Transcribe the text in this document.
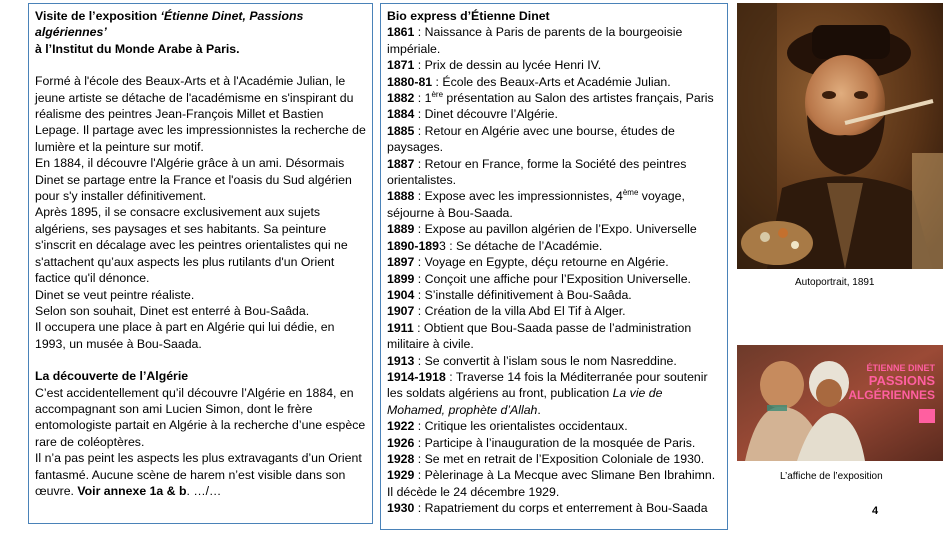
Visite de l’exposition ‘Étienne Dinet, Passions algériennes’

à l’Institut du Monde Arabe à Paris.

Formé à l'école des Beaux-Arts et à l'Académie Julian, le jeune artiste se détache de l'académisme en s'inspirant du réalisme des peintres Jean-François Millet et Bastien Lepage. Il partage avec les impressionnistes la recherche de lumière et la peinture sur motif.

En 1884, il découvre l'Algérie grâce à un ami. Désormais Dinet se partage entre la France et l'oasis du Sud algérien pour s'y installer définitivement.

Après 1895, il se consacre exclusivement aux sujets algériens, ses paysages et ses habitants. Sa peinture s'inscrit en décalage avec les peintres orientalistes qui ne s'attachent qu’aux aspects les plus rutilants d'un Orient factice qu'il dénonce.

Dinet se veut peintre réaliste.

Selon son souhait, Dinet est enterré à Bou-Saâda.

Il occupera une place à part en Algérie qui lui dédie, en 1993, un musée à Bou-Saada.

La découverte de l’Algérie

C’est accidentellement qu’il découvre l’Algérie en 1884, en accompagnant son ami Lucien Simon, dont le frère entomologiste partait en Algérie à la recherche d’une espèce rare de coléoptères.

Il n’a pas peint les aspects les plus extravagants d’un Orient fantasmé. Aucune scène de harem n’est visible dans son œuvre. Voir annexe 1a & b. …/…

Bio express d’Étienne Dinet

1861 : Naissance à Paris de parents de la bourgeoisie impériale.

1871 : Prix de dessin au lycée Henri IV.

1880-81 : École des Beaux-Arts et Académie Julian.

1882 : 1ère présentation au Salon des artistes français, Paris

1884 : Dinet découvre l’Algérie.

1885 : Retour en Algérie avec une bourse, études de paysages.

1887 : Retour en France, forme la Société des peintres orientalistes.

1888 : Expose avec les impressionnistes, 4ème voyage, séjourne à Bou-Saada.

1889 : Expose au pavillon algérien de l’Expo. Universelle

1890-1893 : Se détache de l’Académie.

1897 : Voyage en Egypte, déçu retourne en Algérie.

1899 : Conçoit une affiche pour l’Exposition Universelle.

1904 : S’installe définitivement à Bou-Saâda.

1907 : Création de la villa Abd El Tif à Alger.

1911 : Obtient que Bou-Saada passe de l’administration militaire à civile.

1913 : Se convertit à l’islam sous le nom Nasreddine.

1914-1918 : Traverse 14 fois la Méditerranée pour soutenir les soldats algériens au front, publication La vie de Mohamed, prophète d’Allah.

1922 : Critique les orientalistes occidentaux.

1926 : Participe à l’inauguration de la mosquée de Paris.

1928 : Se met en retrait de l’Exposition Coloniale de 1930.

1929 : Pèlerinage à La Mecque avec Slimane Ben Ibrahimn. Il décède le 24 décembre 1929.

1930 : Rapatriement du corps et enterrement à Bou-Saada

Autoportrait, 1891
ÉTIENNE DINET
PASSIONS
ALGÉRIENNES
L’affiche de l’exposition
4
